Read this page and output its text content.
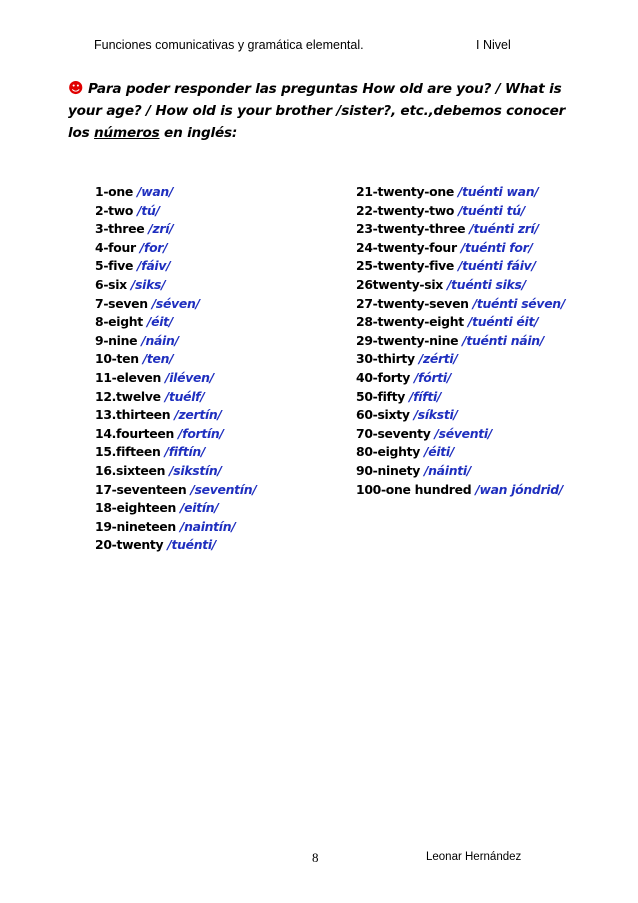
Funciones comunicativas y gramática elemental.	I Nivel
☻ Para poder responder las preguntas How old are you? / What is your age? / How old is your brother /sister?, etc.,debemos conocer los números en inglés:
1-one /wan/
2-two /tú/
3-three /zrí/
4-four /for/
5-five /fáiv/
6-six /siks/
7-seven /séven/
8-eight /éit/
9-nine /náin/
10-ten /ten/
11-eleven /iléven/
12.twelve /tuélf/
13.thirteen /zertín/
14.fourteen /fortín/
15.fifteen /fiftín/
16.sixteen /sikstín/
17-seventeen /seventín/
18-eighteen /eitín/
19-nineteen /naintín/
20-twenty /tuénti/
21-twenty-one /tuénti wan/
22-twenty-two /tuénti tú/
23-twenty-three /tuénti zrí/
24-twenty-four /tuénti for/
25-twenty-five /tuénti fáiv/
26twenty-six /tuénti siks/
27-twenty-seven /tuénti séven/
28-twenty-eight /tuénti éit/
29-twenty-nine /tuénti náin/
30-thirty /zérti/
40-forty /fórti/
50-fifty /fífti/
60-sixty /síksti/
70-seventy /séventi/
80-eighty /éiti/
90-ninety /náinti/
100-one hundred /wan jóndrid/
8	Leonar Hernández
